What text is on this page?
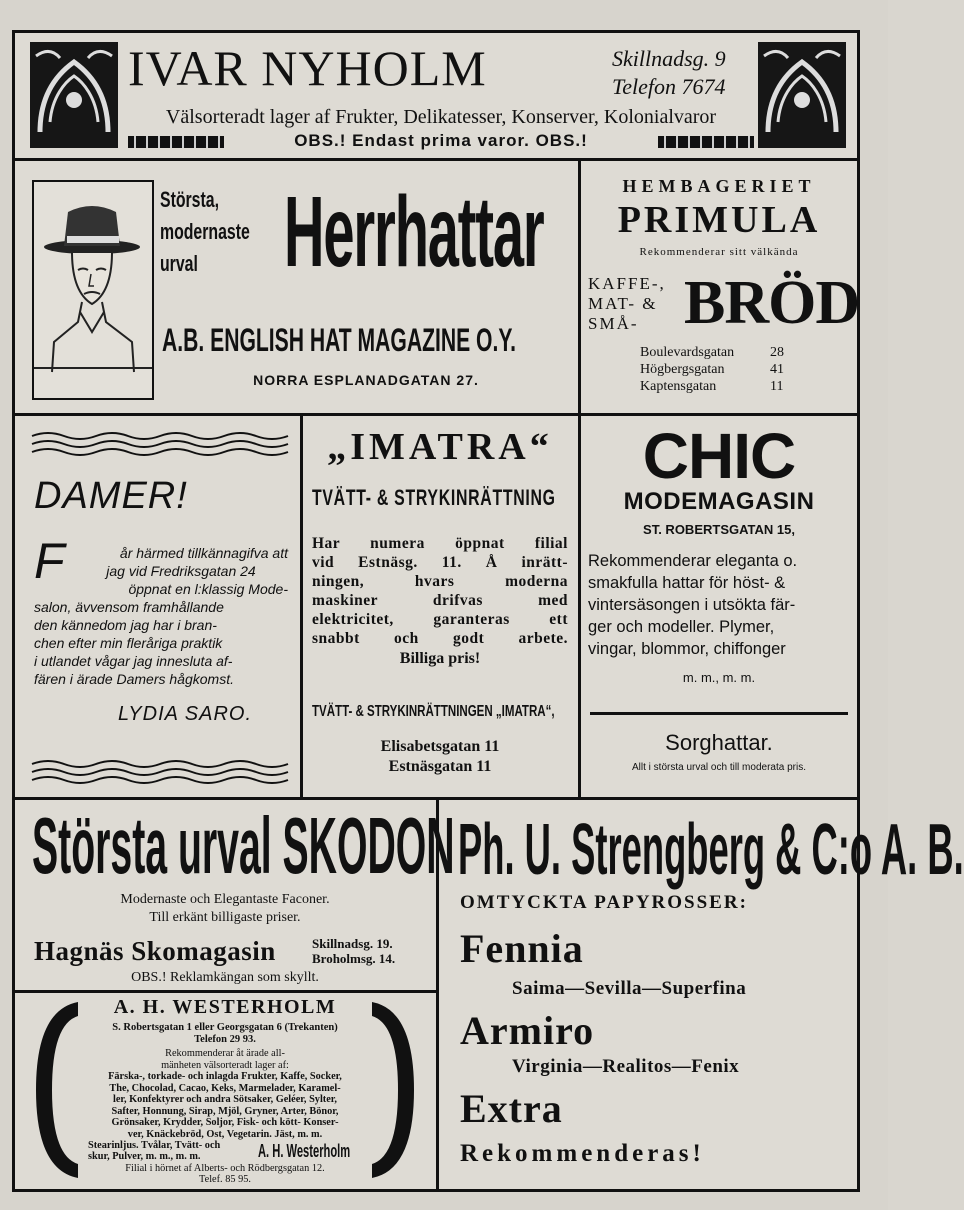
IVAR NYHOLM	Skillnadsg. 9
Telefon 7674
Välsorteradt lager af Frukter, Delikatesser, Konserver, Kolonialvaror
OBS.! Endast prima varor. OBS.!
Största,
modernaste
urval Herrhattar
A.B. ENGLISH HAT MAGAZINE O.Y.
NORRA ESPLANADGATAN 27.
HEMBAGERIET
PRIMULA
Rekommenderar sitt välkända
KAFFE-,
MAT- &
SMÅ- BRÖD
Boulevardsgatan	28
Högbergsgatan	41
Kaptensgatan	11
DAMER!
F	år härmed tillkännagifva att
jag vid Fredriksgatan 24
öppnat en l:klassig Mode-
salon, ävvensom framhållande
den kännedom jag har i bran-
chen efter min fleråriga praktik
i utlandet vågar jag innesluta af-
fären i ärade Damers hågkomst.
LYDIA SARO.
„IMATRA“
TVÄTT- & STRYKINRÄTTNING
Har numera öppnat filial
vid Estnäsg. 11. Å inrätt-
ningen, hvars moderna
maskiner drifvas med
elektricitet, garanteras ett
snabbt och godt arbete.
Billiga pris!
TVÄTT- & STRYKINRÄTTNINGEN „IMATRA“,
Elisabetsgatan 11
Estnäsgatan 11
CHIC
MODEMAGASIN
ST. ROBERTSGATAN 15,
Rekommenderar eleganta o.
smakfulla hattar för höst- &
vintersäsongen i utsökta fär-
ger och modeller. Plymer,
vingar, blommor, chiffonger
m. m., m. m.
Sorghattar.
Allt i största urval och till moderata pris.
Största urval SKODON
Modernaste och Elegantaste Faconer.
Till erkänt billigaste priser.
Hagnäs Skomagasin	Skillnadsg. 19.
Broholmsg. 14.
OBS.! Reklamkängan som skyllt.
A. H. WESTERHOLM
S. Robertsgatan 1 eller Georgsgatan 6 (Trekanten)
Telefon 29 93.
Rekommenderar åt ärade all-
mänheten välsorteradt lager af:
Färska-, torkade- och inlagda Frukter, Kaffe, Socker,
The, Chocolad, Cacao, Keks, Marmelader, Karamel-
ler, Konfektyrer och andra Sötsaker, Geléer, Sylter,
Safter, Honnung, Sirap, Mjöl, Gryner, Arter, Bönor,
Grönsaker, Krydder, Soljor, Fisk- och kött- Konser-
ver, Knäckebröd, Ost, Vegetarin. Jäst, m. m.
Stearinljus. Tvålar, Tvätt- och
skur, Pulver, m. m., m. m.	A. H. Westerholm
Filial i hörnet af Alberts- och Rödbergsgatan 12.
Telef. 85 95.
Ph. U. Strengberg & C:o A. B.
OMTYCKTA PAPYROSSER:
Fennia
Saima—Sevilla—Superfina
Armiro
Virginia—Realitos—Fenix
Extra
Rekommenderas!
